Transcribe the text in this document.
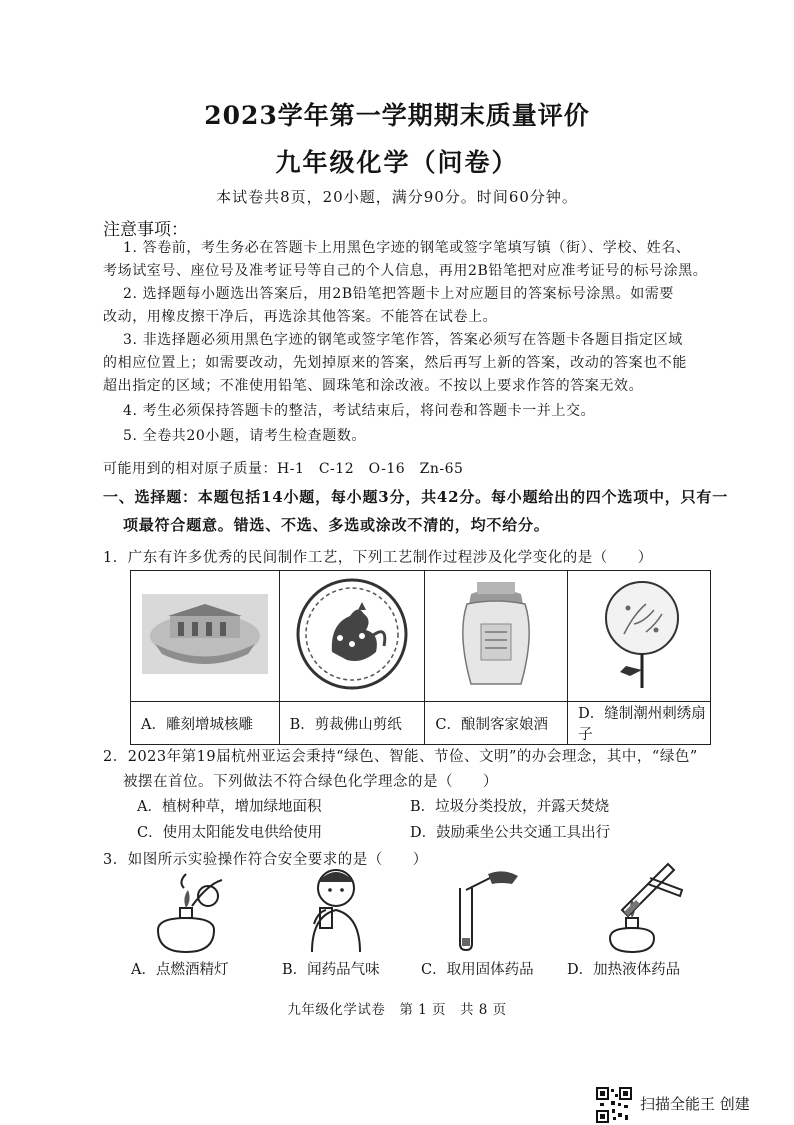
2023学年第一学期期末质量评价
九年级化学（问卷）
本试卷共8页，20小题，满分90分。时间60分钟。
注意事项：
1. 答卷前，考生务必在答题卡上用黑色字迹的钢笔或签字笔填写镇（街）、学校、姓名、
考场试室号、座位号及准考证号等自己的个人信息，再用2B铅笔把对应准考证号的标号涂黑。
2. 选择题每小题选出答案后，用2B铅笔把答题卡上对应题目的答案标号涂黑。如需要
改动，用橡皮擦干净后，再选涂其他答案。不能答在试卷上。
3. 非选择题必须用黑色字迹的钢笔或签字笔作答，答案必须写在答题卡各题目指定区域
的相应位置上；如需要改动，先划掉原来的答案，然后再写上新的答案，改动的答案也不能
超出指定的区域；不准使用铅笔、圆珠笔和涂改液。不按以上要求作答的答案无效。
4. 考生必须保持答题卡的整洁，考试结束后，将问卷和答题卡一并上交。
5. 全卷共20小题，请考生检查题数。
可能用到的相对原子质量：H-1　C-12　O-16　Zn-65
一、选择题：本题包括14小题，每小题3分，共42分。每小题给出的四个选项中，只有一
项最符合题意。错选、不选、多选或涂改不清的，均不给分。
1．广东有许多优秀的民间制作工艺，下列工艺制作过程涉及化学变化的是（　　）

A．雕刻增城核雕	B．剪裁佛山剪纸	C．酿制客家娘酒	D．缝制潮州刺绣扇子
2．2023年第19届杭州亚运会秉持“绿色、智能、节俭、文明”的办会理念，其中，“绿色”
被摆在首位。下列做法不符合绿色化学理念的是（　　）
A．植树种草，增加绿地面积	B．垃圾分类投放，并露天焚烧
C．使用太阳能发电供给使用	D．鼓励乘坐公共交通工具出行
3．如图所示实验操作符合安全要求的是（　　）
A．点燃酒精灯	B．闻药品气味	C．取用固体药品 D．加热液体药品
九年级化学试卷　第 1 页　共 8 页
扫描全能王 创建
